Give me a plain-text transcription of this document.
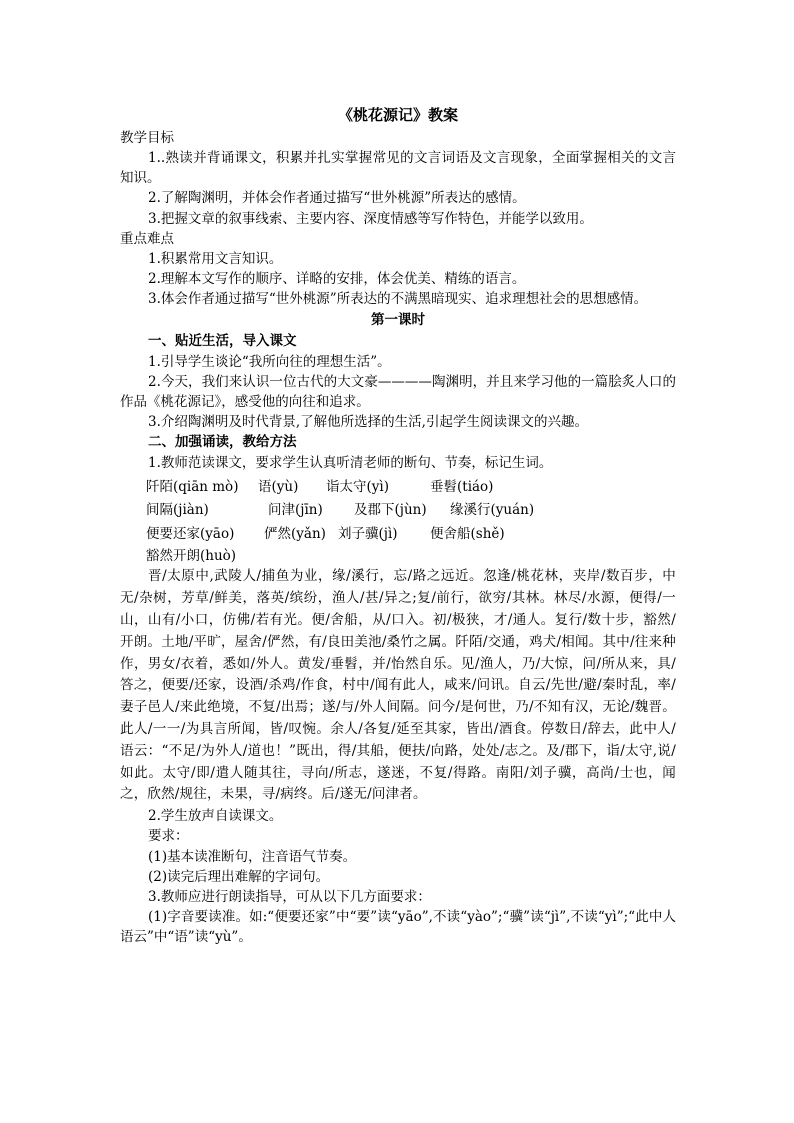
《桃花源记》教案

教学目标

1..熟读并背诵课文，积累并扎实掌握常见的文言词语及文言现象，全面掌握相关的文言知识。

2.了解陶渊明，并体会作者通过描写“世外桃源”所表达的感情。

3.把握文章的叙事线索、主要内容、深度情感等写作特色，并能学以致用。

重点难点

1.积累常用文言知识。

2.理解本文写作的顺序、详略的安排，体会优美、精练的语言。

3.体会作者通过描写“世外桃源”所表达的不满黑暗现实、追求理想社会的思想感情。

第一课时

一、贴近生活，导入课文

1.引导学生谈论“我所向往的理想生活”。

2.今天，我们来认识一位古代的大文豪————陶渊明，并且来学习他的一篇脍炙人口的作品《桃花源记》，感受他的向往和追求。

3.介绍陶渊明及时代背景,了解他所选择的生活,引起学生阅读课文的兴趣。

二、加强诵读，教给方法

1.教师范读课文，要求学生认真听清老师的断句、节奏，标记生词。

阡陌(qiān mò) 语(yù) 诣太守(yì)	垂髫(tiáo)

间隔(jiàn)	问津(jīn) 及郡下(jùn) 缘溪行(yuán)

便要还家(yāo) 俨然(yǎn) 刘子骥(jì) 便舍船(shě)

豁然开朗(huò)

晋/太原中,武陵人/捕鱼为业，缘/溪行，忘/路之远近。忽逢/桃花林，夹岸/数百步，中无/杂树，芳草/鲜美，落英/缤纷，渔人/甚/异之;复/前行，欲穷/其林。林尽/水源，便得/一山，山有/小口，仿佛/若有光。便/舍船，从/口入。初/极狭，才/通人。复行/数十步，豁然/开朗。土地/平旷，屋舍/俨然，有/良田美池/桑竹之属。阡陌/交通，鸡犬/相闻。其中/往来种作，男女/衣着，悉如/外人。黄发/垂髫，并/怡然自乐。见/渔人，乃/大惊，问/所从来，具/答之，便要/还家，设酒/杀鸡/作食，村中/闻有此人，咸来/问讯。自云/先世/避/秦时乱，率/妻子邑人/来此绝境，不复/出焉；遂/与/外人间隔。问今/是何世，乃/不知有汉，无论/魏晋。此人/一一/为具言所闻，皆/叹惋。余人/各复/延至其家，皆出/酒食。停数日/辞去，此中人/语云：“不足/为外人/道也！”既出，得/其船，便扶/向路，处处/志之。及/郡下，诣/太守,说/如此。太守/即/遣人随其往，寻向/所志，遂迷，不复/得路。南阳/刘子骥，高尚/士也，闻之，欣然/规往，未果，寻/病终。后/遂无/问津者。

2.学生放声自读课文。

要求：

(1)基本读准断句，注音语气节奏。

(2)读完后理出难解的字词句。

3.教师应进行朗读指导，可从以下几方面要求：

(1)字音要读准。如:“便要还家”中“要”读“yāo”,不读“yào”;“骥”读“jì”,不读“yì”;“此中人语云”中“语”读“yù”。
